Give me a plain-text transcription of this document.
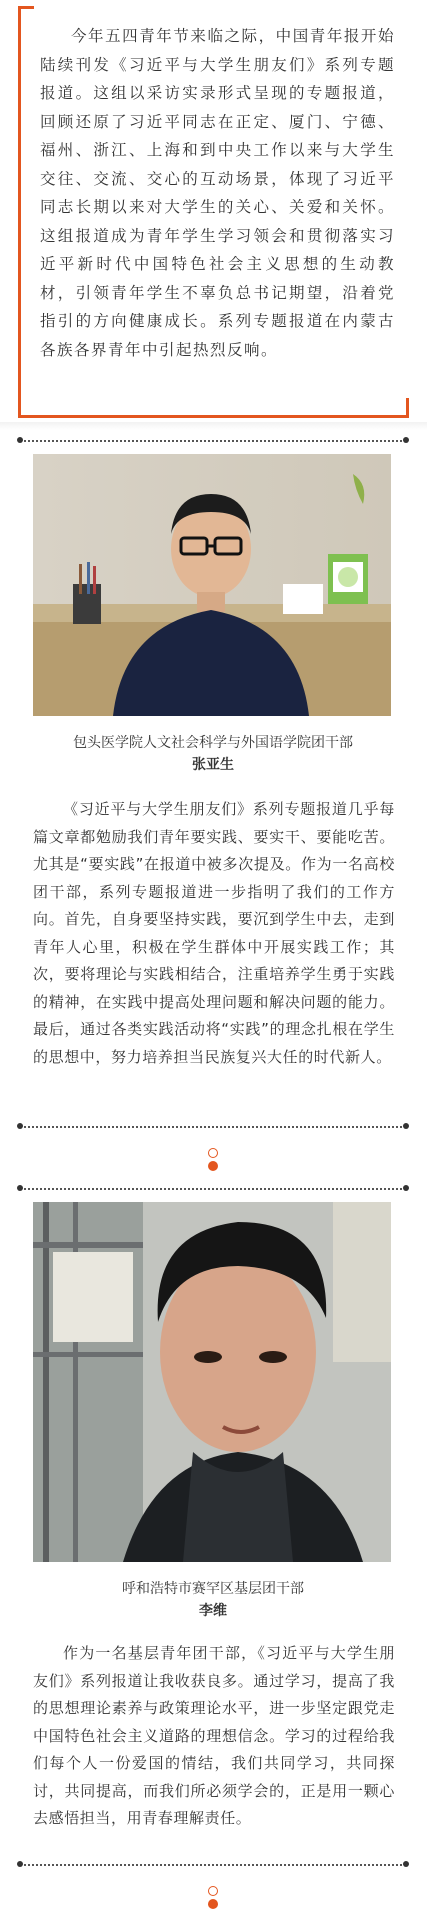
今年五四青年节来临之际，中国青年报开始陆续刊发《习近平与大学生朋友们》系列专题报道。这组以采访实录形式呈现的专题报道，回顾还原了习近平同志在正定、厦门、宁德、福州、浙江、上海和到中央工作以来与大学生交往、交流、交心的互动场景，体现了习近平同志长期以来对大学生的关心、关爱和关怀。这组报道成为青年学生学习领会和贯彻落实习近平新时代中国特色社会主义思想的生动教材，引领青年学生不辜负总书记期望，沿着党指引的方向健康成长。系列专题报道在内蒙古各族各界青年中引起热烈反响。

包头医学院人文社会科学与外国语学院团干部

张亚生

《习近平与大学生朋友们》系列专题报道几乎每篇文章都勉励我们青年要实践、要实干、要能吃苦。尤其是“要实践”在报道中被多次提及。作为一名高校团干部，系列专题报道进一步指明了我们的工作方向。首先，自身要坚持实践，要沉到学生中去，走到青年人心里，积极在学生群体中开展实践工作；其次，要将理论与实践相结合，注重培养学生勇于实践的精神，在实践中提高处理问题和解决问题的能力。最后，通过各类实践活动将“实践”的理念扎根在学生的思想中，努力培养担当民族复兴大任的时代新人。

呼和浩特市赛罕区基层团干部

李维

作为一名基层青年团干部，《习近平与大学生朋友们》系列报道让我收获良多。通过学习，提高了我的思想理论素养与政策理论水平，进一步坚定跟党走中国特色社会主义道路的理想信念。学习的过程给我们每个人一份爱国的情结，我们共同学习，共同探讨，共同提高，而我们所必须学会的，正是用一颗心去感悟担当，用青春理解责任。
